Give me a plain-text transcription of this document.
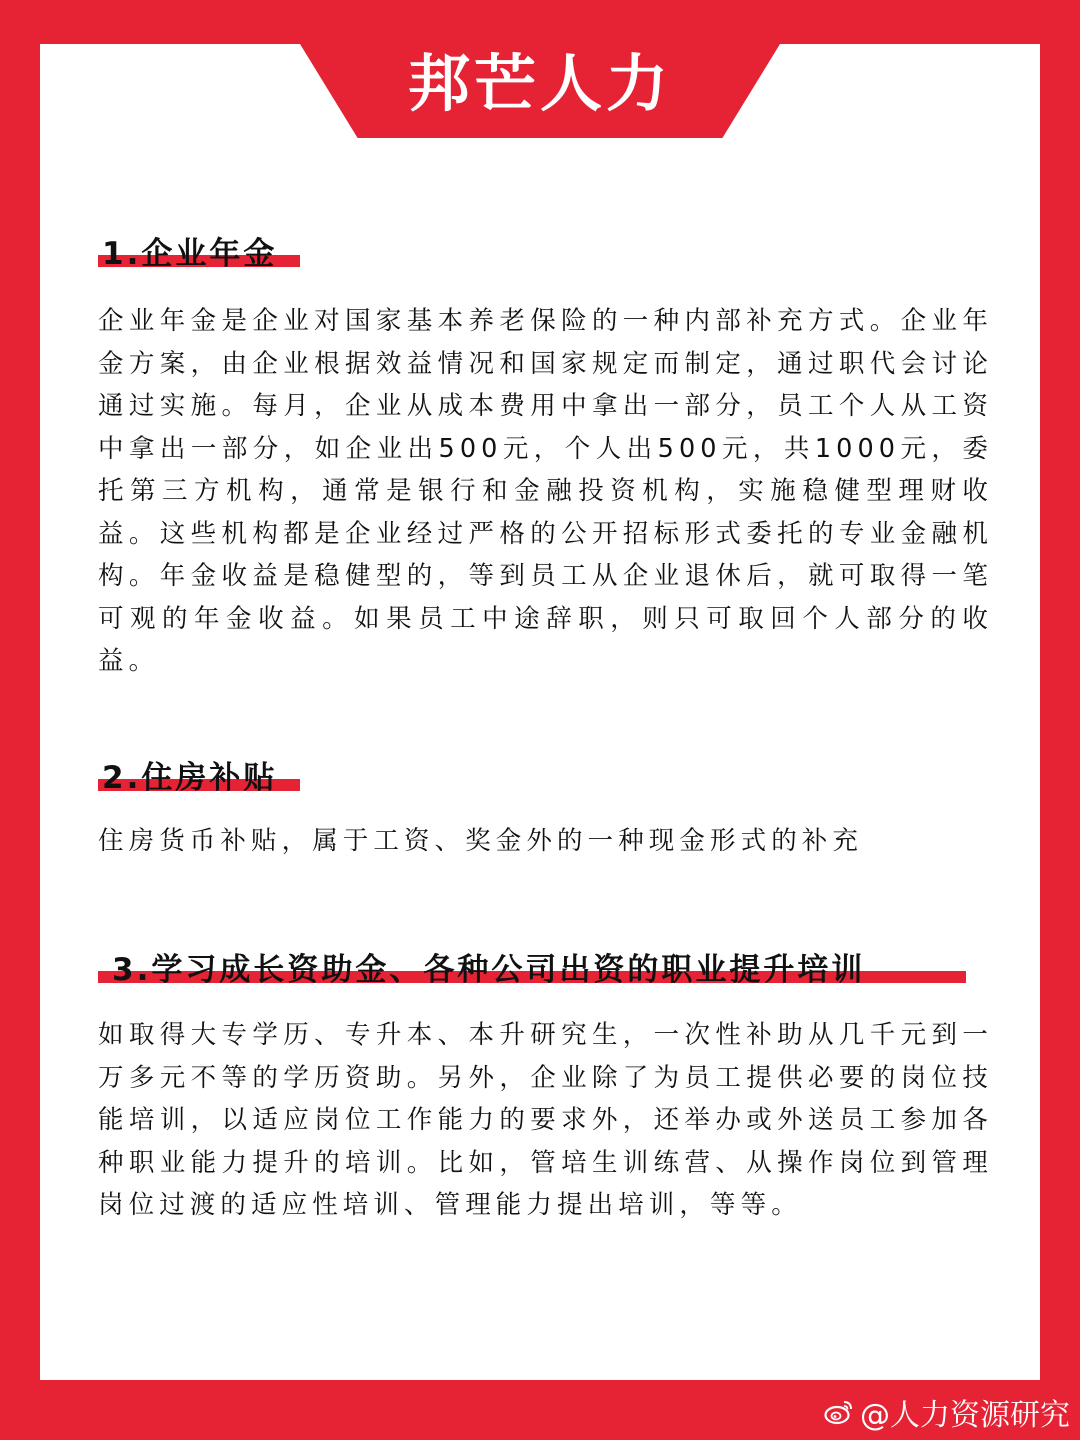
邦芒人力
1.企业年金

企业年金是企业对国家基本养老保险的一种内部补充方式。企业年金方案，由企业根据效益情况和国家规定而制定，通过职代会讨论通过实施。每月，企业从成本费用中拿出一部分，员工个人从工资中拿出一部分，如企业出500元，个人出500元，共1000元，委托第三方机构，通常是银行和金融投资机构，实施稳健型理财收益。这些机构都是企业经过严格的公开招标形式委托的专业金融机构。年金收益是稳健型的，等到员工从企业退休后，就可取得一笔可观的年金收益。如果员工中途辞职，则只可取回个人部分的收益。

2.住房补贴

住房货币补贴，属于工资、奖金外的一种现金形式的补充

3.学习成长资助金、各种公司出资的职业提升培训

如取得大专学历、专升本、本升研究生，一次性补助从几千元到一万多元不等的学历资助。另外，企业除了为员工提供必要的岗位技能培训，以适应岗位工作能力的要求外，还举办或外送员工参加各种职业能力提升的培训。比如，管培生训练营、从操作岗位到管理岗位过渡的适应性培训、管理能力提出培训，等等。

@人力资源研究
